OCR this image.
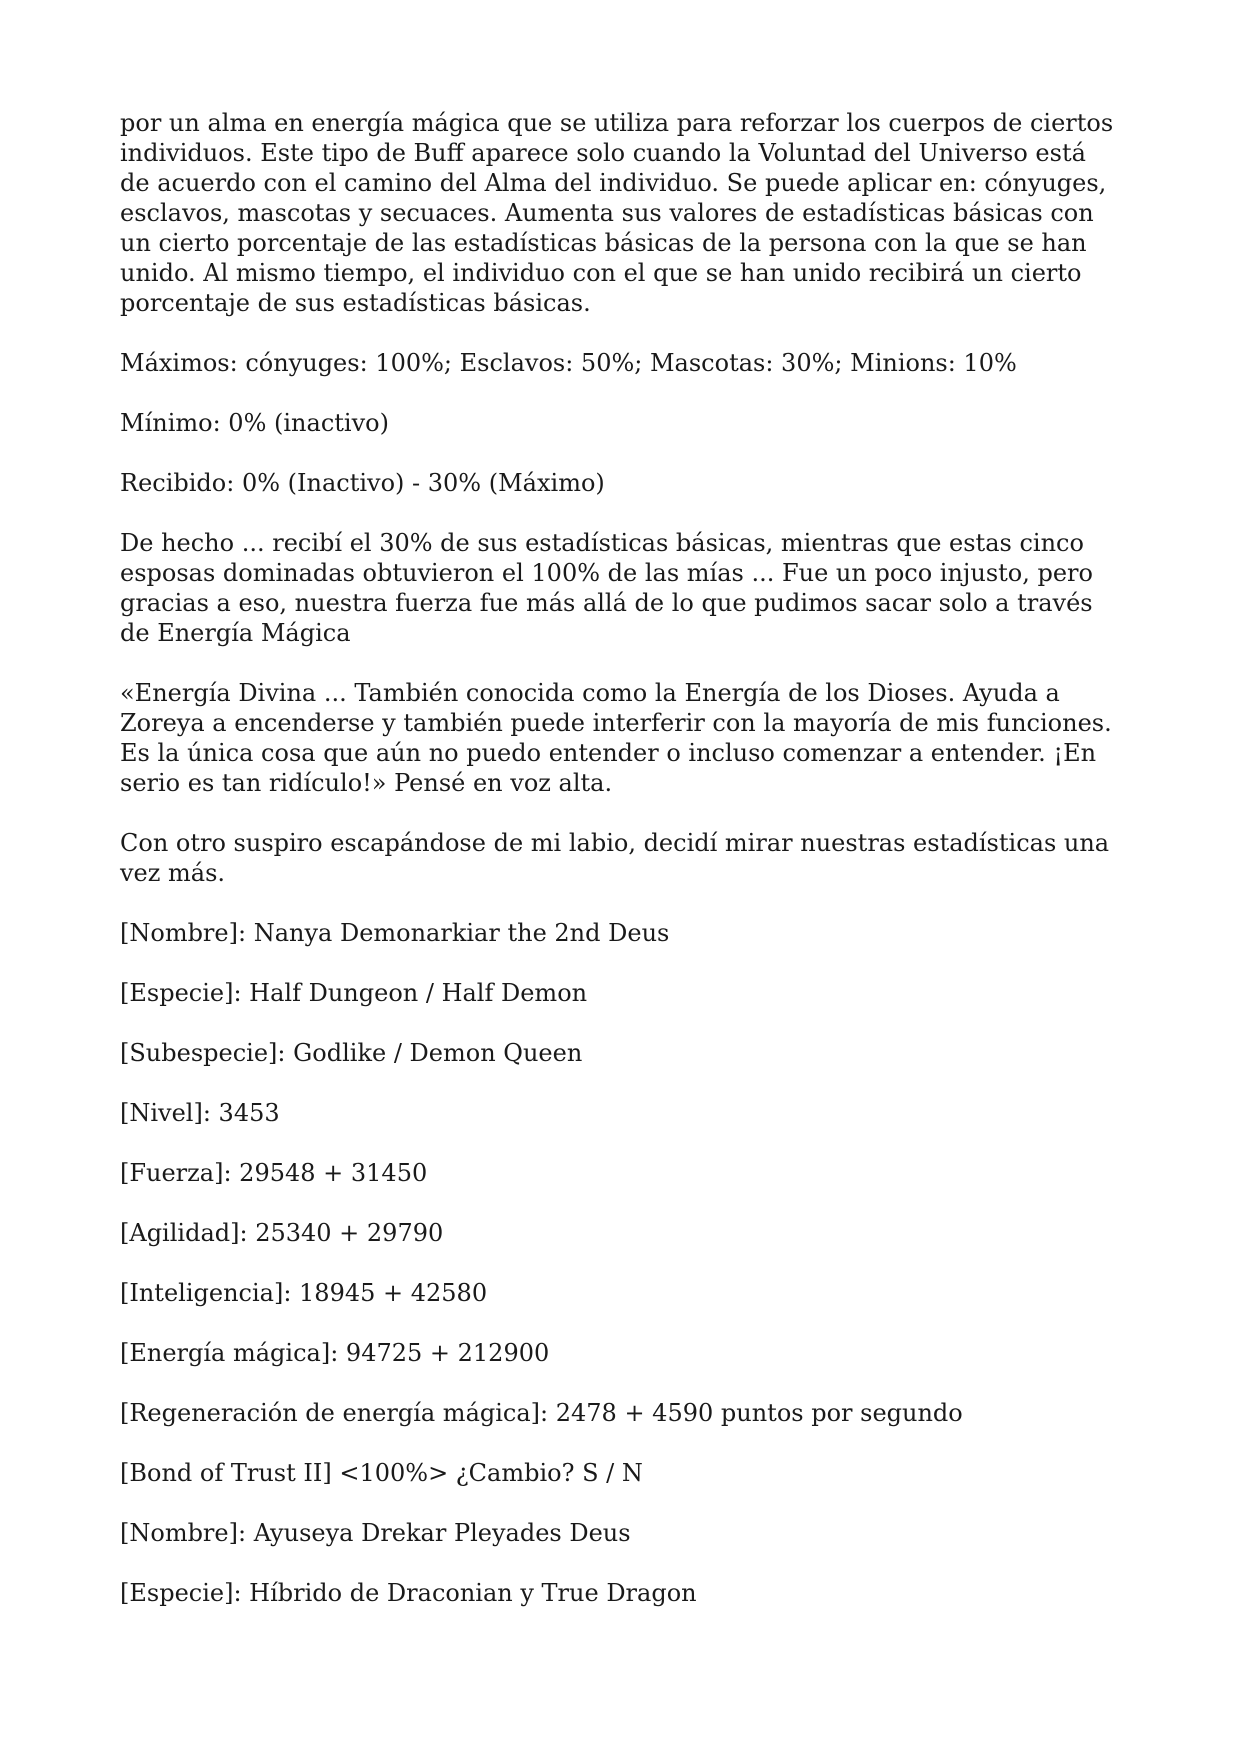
por un alma en energía mágica que se utiliza para reforzar los cuerpos de ciertos
individuos. Este tipo de Buff aparece solo cuando la Voluntad del Universo está
de acuerdo con el camino del Alma del individuo. Se puede aplicar en: cónyuges,
esclavos, mascotas y secuaces. Aumenta sus valores de estadísticas básicas con
un cierto porcentaje de las estadísticas básicas de la persona con la que se han
unido. Al mismo tiempo, el individuo con el que se han unido recibirá un cierto
porcentaje de sus estadísticas básicas.

Máximos: cónyuges: 100%; Esclavos: 50%; Mascotas: 30%; Minions: 10%

Mínimo: 0% (inactivo)

Recibido: 0% (Inactivo) - 30% (Máximo)

De hecho ... recibí el 30% de sus estadísticas básicas, mientras que estas cinco
esposas dominadas obtuvieron el 100% de las mías ... Fue un poco injusto, pero
gracias a eso, nuestra fuerza fue más allá de lo que pudimos sacar solo a través
de Energía Mágica

«Energía Divina ... También conocida como la Energía de los Dioses. Ayuda a
Zoreya a encenderse y también puede interferir con la mayoría de mis funciones.
Es la única cosa que aún no puedo entender o incluso comenzar a entender. ¡En
serio es tan ridículo!» Pensé en voz alta.

Con otro suspiro escapándose de mi labio, decidí mirar nuestras estadísticas una
vez más.

[Nombre]: Nanya Demonarkiar the 2nd Deus

[Especie]: Half Dungeon / Half Demon

[Subespecie]: Godlike / Demon Queen

[Nivel]: 3453

[Fuerza]: 29548 + 31450

[Agilidad]: 25340 + 29790

[Inteligencia]: 18945 + 42580

[Energía mágica]: 94725 + 212900

[Regeneración de energía mágica]: 2478 + 4590 puntos por segundo

[Bond of Trust II] <100%> ¿Cambio? S / N

[Nombre]: Ayuseya Drekar Pleyades Deus

[Especie]: Híbrido de Draconian y True Dragon
